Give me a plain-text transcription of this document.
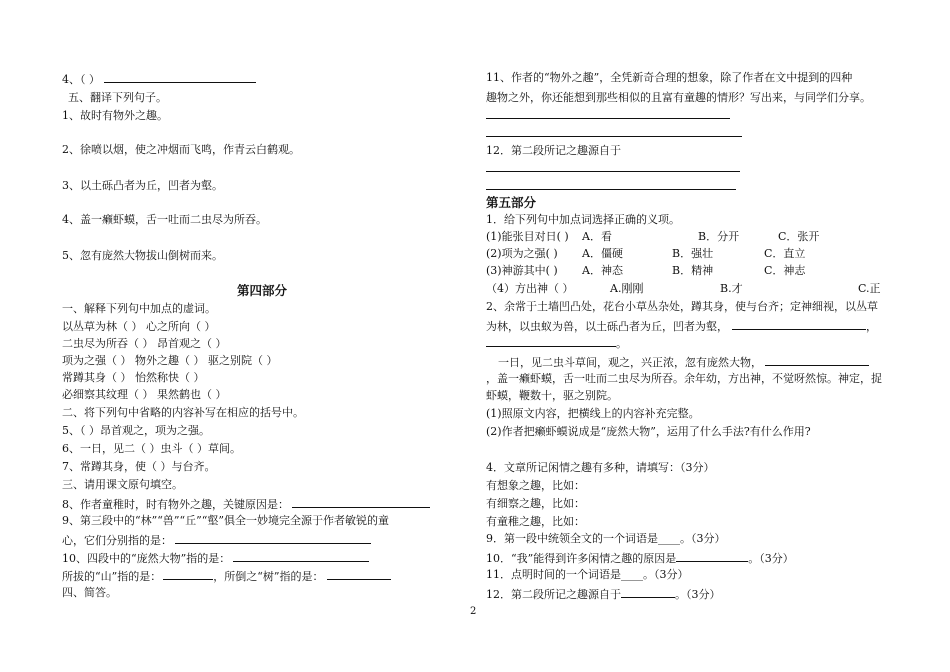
4、（ ）
五、翻译下列句子。
1、故时有物外之趣。
2、徐喷以烟，使之冲烟而飞鸣，作青云白鹤观。
3、以土砾凸者为丘，凹者为壑。
4、盖一癞虾蟆，舌一吐而二虫尽为所吞。
5、忽有庞然大物拔山倒树而来。
第四部分
一、解释下列句中加点的虚词。
以丛草为林（ ） 心之所向（ ）
二虫尽为所吞（ ） 昂首观之（ ）
项为之强（ ） 物外之趣（ ） 驱之别院（ ）
常蹲其身（ ） 怡然称快（ ）
必细察其纹理（ ） 果然鹤也（ ）
二、将下列句中省略的内容补写在相应的括号中。
5、（ ）昂首观之，项为之强。
6、一日，见二（ ）虫斗（ ）草间。
7、常蹲其身，使（ ）与台齐。
三、请用课文原句填空。
8、作者童稚时，时有物外之趣，关键原因是：
9、第三段中的“林”“兽”“丘”“壑”俱全一妙境完全源于作者敏锐的童
心，它们分别指的是：
10、四段中的“庞然大物”指的是：
所拔的“山”指的是：	，所倒之“树”指的是：
四、简答。
11、作者的“物外之趣”，全凭新奇合理的想象，除了作者在文中提到的四种
趣物之外，你还能想到那些相似的且富有童趣的情形？写出来，与同学们分享。
12．第二段所记之趣源自于
第五部分
1．给下列句中加点词选择正确的义项。
(1)能张目对日( ) A．看	B．分开	C．张开
(2)项为之强( ) A．僵硬	B．强壮	C．直立
(3)神游其中( ) A．神态	B．精神	C．神志
（4）方出神（ ）	A.刚刚	B.才	C.正
2、余常于土墙凹凸处，花台小草丛杂处，蹲其身，使与台齐；定神细视，以丛草
为林，以虫蚁为兽，以土砾凸者为丘，凹者为壑，	，
。
一日，见二虫斗草间，观之，兴正浓，忽有庞然大物，
，盖一癞虾蟆，舌一吐而二虫尽为所吞。余年幼，方出神，不觉呀然惊。神定，捉
虾蟆，鞭数十，驱之别院。
(1)照原文内容，把横线上的内容补充完整。
(2)作者把癞虾蟆说成是“庞然大物”，运用了什么手法?有什么作用?
4．文章所记闲情之趣有多种，请填写：（3分）
有想象之趣，比如：
有细察之趣，比如：
有童稚之趣，比如：
9．第一段中统领全文的一个词语是____。（3分）
10．“我”能得到许多闲情之趣的原因是	。（3分）
11．点明时间的一个词语是____。（3分）
12．第二段所记之趣源自于	。（3分）
2
